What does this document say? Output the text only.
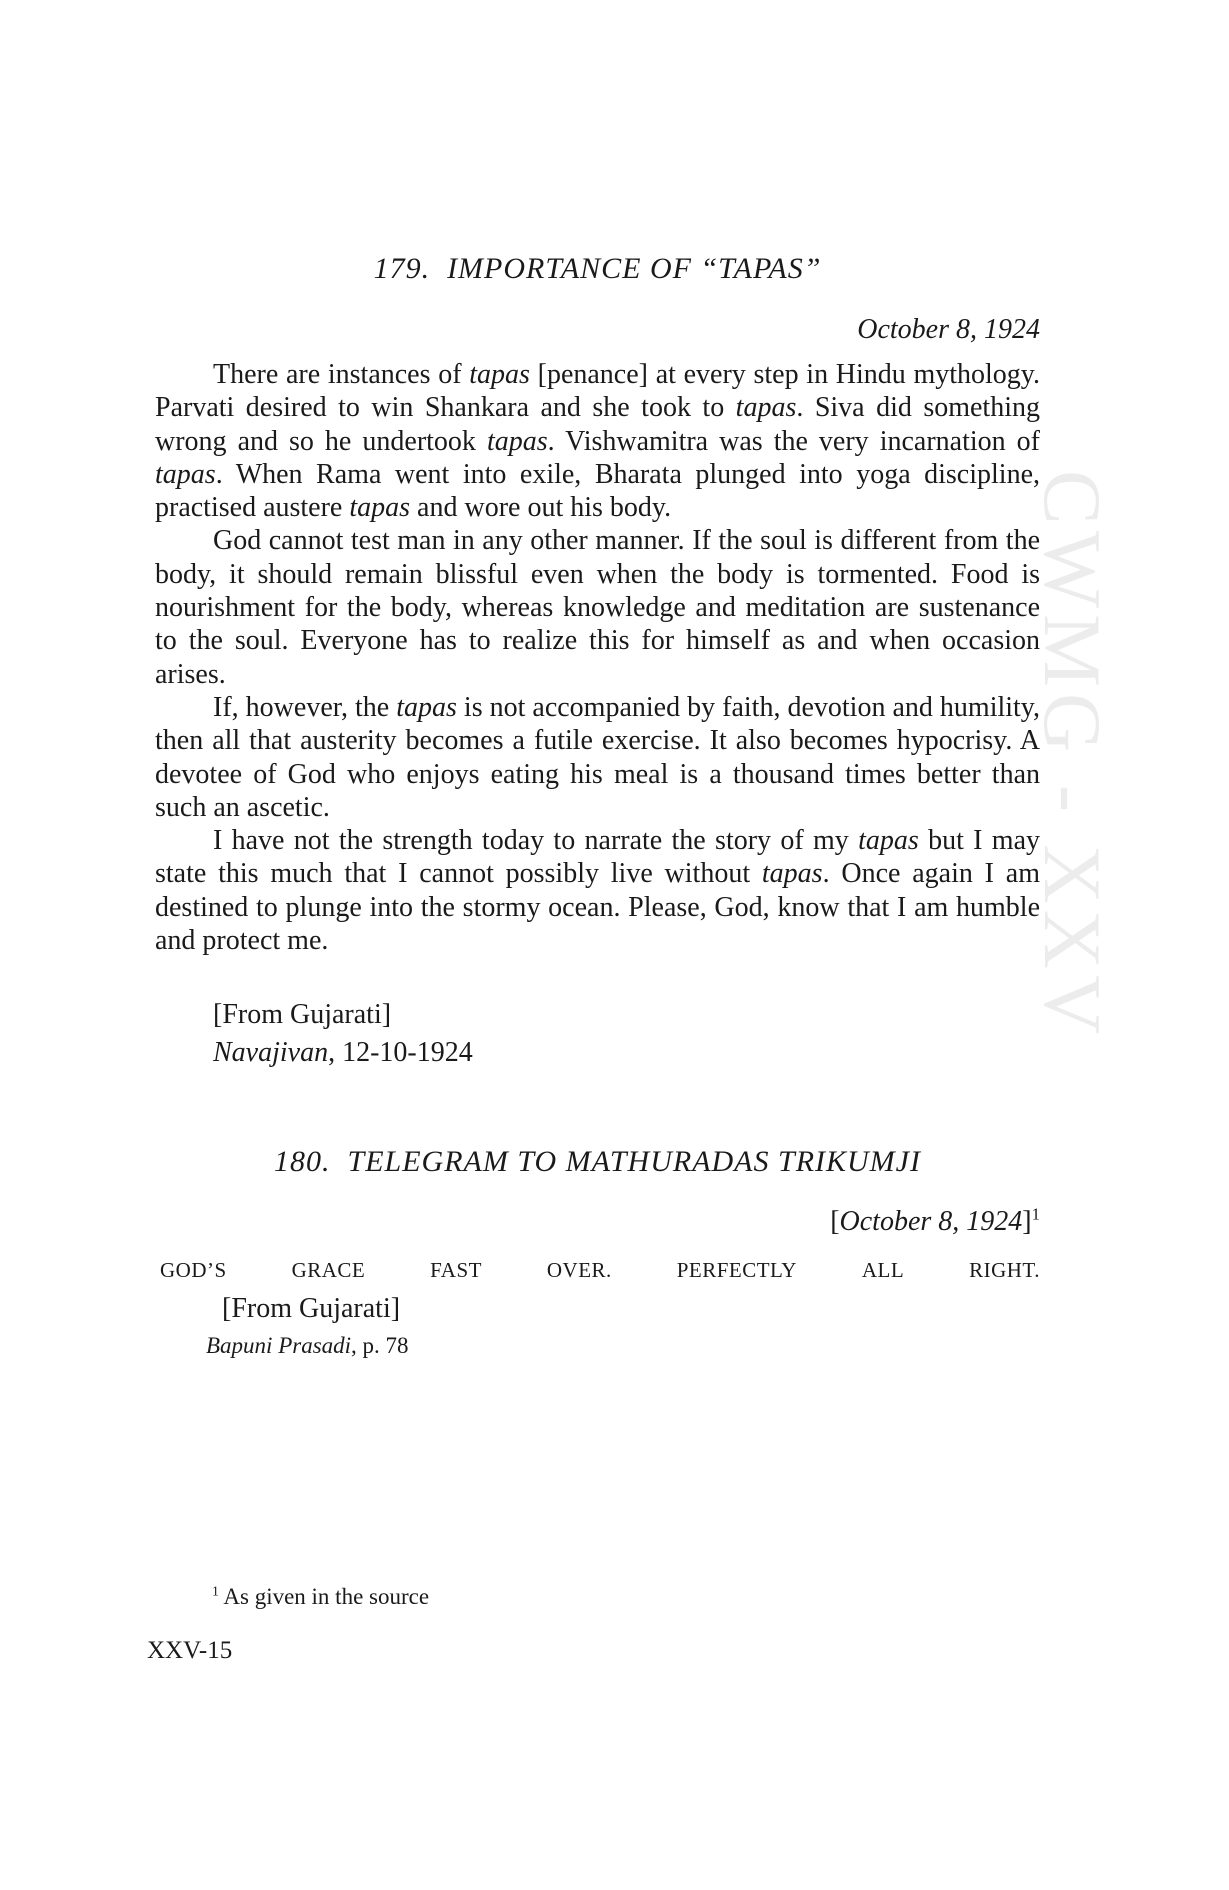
CWMG - XXV
179. IMPORTANCE OF “TAPAS”
October 8, 1924

There are instances of tapas [penance] at every step in Hindu mythology. Parvati desired to win Shankara and she took to tapas. Siva did something wrong and so he undertook tapas. Vishwamitra was the very incarnation of tapas. When Rama went into exile, Bharata plunged into yoga discipline, practised austere tapas and wore out his body.

God cannot test man in any other manner. If the soul is different from the body, it should remain blissful even when the body is tormented. Food is nourishment for the body, whereas knowledge and meditation are sustenance to the soul. Everyone has to realize this for himself as and when occasion arises.

If, however, the tapas is not accompanied by faith, devotion and humility, then all that austerity becomes a futile exercise. It also becomes hypocrisy. A devotee of God who enjoys eating his meal is a thousand times better than such an ascetic.

I have not the strength today to narrate the story of my tapas but I may state this much that I cannot possibly live without tapas. Once again I am destined to plunge into the stormy ocean. Please, God, know that I am humble and protect me.

[From Gujarati]
Navajivan, 12-10-1924
180. TELEGRAM TO MATHURADAS TRIKUMJI
[October 8, 1924]$^1$
GOD’S	GRACE	FAST	OVER.	PERFECTLY	ALL	RIGHT.
[From Gujarati]
Bapuni Prasadi, p. 78
$^1$ As given in the source
XXV-15
